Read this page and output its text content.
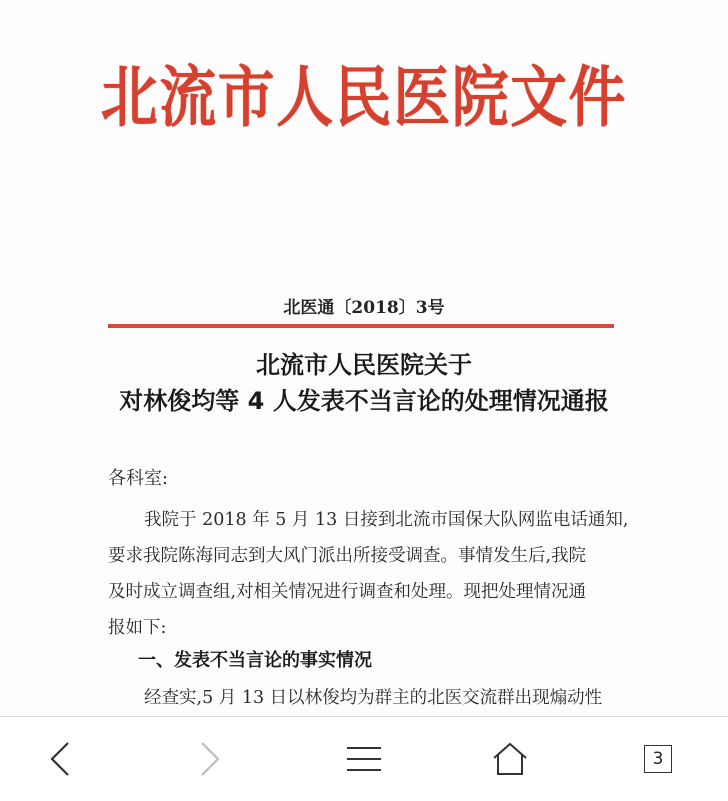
北流市人民医院文件
北医通〔2018〕3号
北流市人民医院关于
对林俊均等 4 人发表不当言论的处理情况通报
各科室:
我院于 2018 年 5 月 13 日接到北流市国保大队网监电话通知,
要求我院陈海同志到大风门派出所接受调查。事情发生后,我院
及时成立调查组,对相关情况进行调查和处理。现把处理情况通
报如下:
一、发表不当言论的事实情况
经查实,5 月 13 日以林俊均为群主的北医交流群出现煽动性
3
